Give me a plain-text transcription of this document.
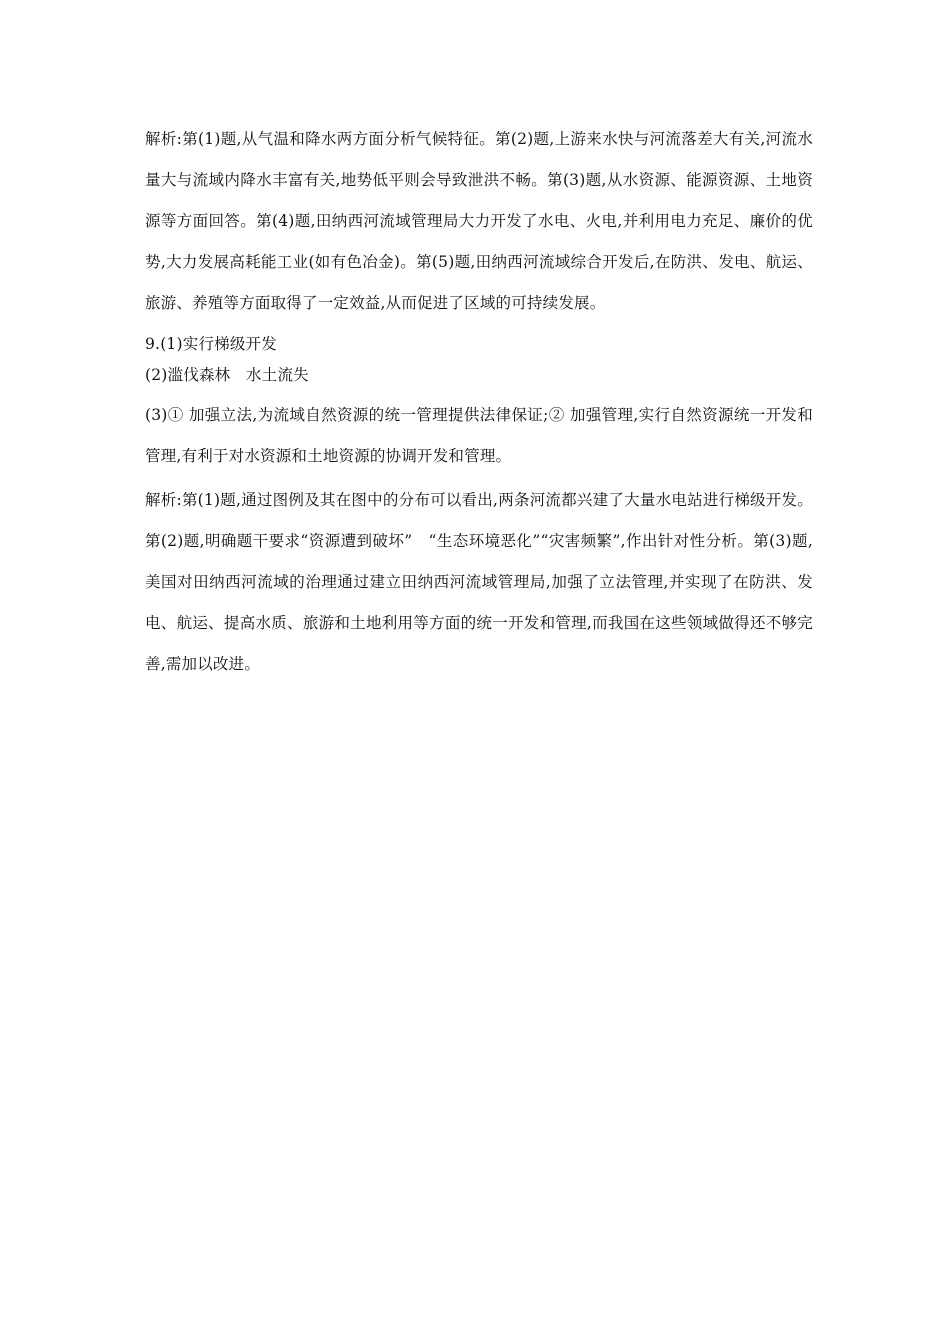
解析:第(1)题,从气温和降水两方面分析气候特征。第(2)题,上游来水快与河流落差大有关,河流水量大与流域内降水丰富有关,地势低平则会导致泄洪不畅。第(3)题,从水资源、能源资源、土地资源等方面回答。第(4)题,田纳西河流域管理局大力开发了水电、火电,并利用电力充足、廉价的优势,大力发展高耗能工业(如有色冶金)。第(5)题,田纳西河流域综合开发后,在防洪、发电、航运、旅游、养殖等方面取得了一定效益,从而促进了区域的可持续发展。

9.(1)实行梯级开发

(2)滥伐森林　水土流失

(3)① 加强立法,为流域自然资源的统一管理提供法律保证;② 加强管理,实行自然资源统一开发和管理,有利于对水资源和土地资源的协调开发和管理。

解析:第(1)题,通过图例及其在图中的分布可以看出,两条河流都兴建了大量水电站进行梯级开发。第(2)题,明确题干要求“资源遭到破坏”　“生态环境恶化”“灾害频繁”,作出针对性分析。第(3)题,美国对田纳西河流域的治理通过建立田纳西河流域管理局,加强了立法管理,并实现了在防洪、发电、航运、提高水质、旅游和土地利用等方面的统一开发和管理,而我国在这些领域做得还不够完善,需加以改进。
